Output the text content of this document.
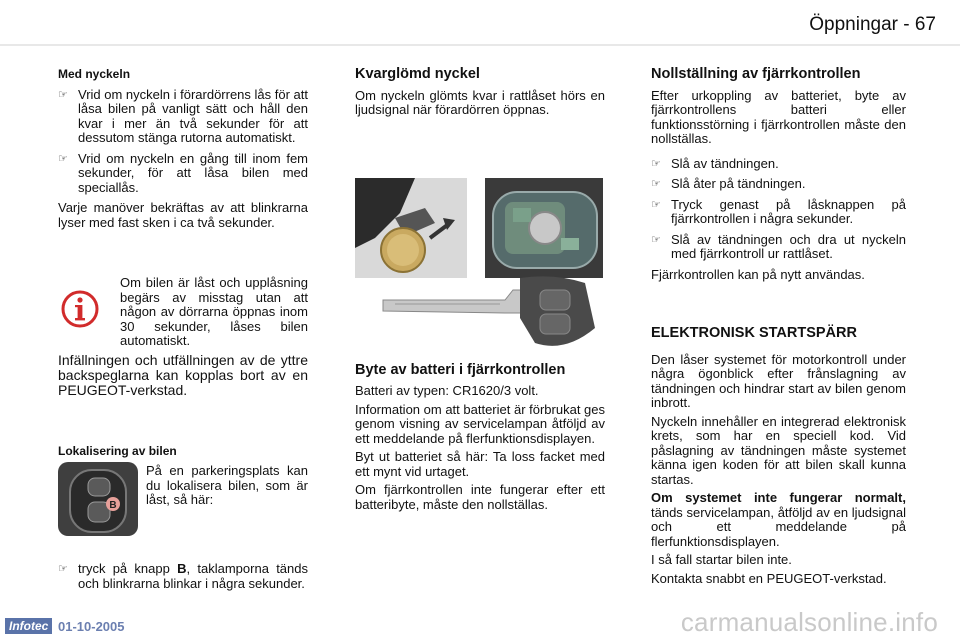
Öppningar - 67
Med nyckeln
☞ Vrid om nyckeln i förardörrens lås för att låsa bilen på vanligt sätt och håll den kvar i mer än två sekunder för att dessutom stänga rutorna automatiskt.
☞ Vrid om nyckeln en gång till inom fem sekunder, för att låsa bilen med speciallås.

Varje manöver bekräftas av att blinkrarna lyser med fast sken i ca två sekunder.

Om bilen är låst och upplåsning begärs av misstag utan att någon av dörrarna öppnas inom 30 sekunder, låses bilen automatiskt.

Infällningen och utfällningen av de yttre backspeglarna kan kopplas bort av en PEUGEOT-verkstad.

Lokalisering av bilen
B
På en parkeringsplats kan du lokalisera bilen, som är låst, så här:
☞ tryck på knapp B, taklamporna tänds och blinkrarna blinkar i några sekunder.
Kvarglömd nyckel

Om nyckeln glömts kvar i rattlåset hörs en ljudsignal när förardörren öppnas.

Byte av batteri i fjärrkontrollen

Batteri av typen: CR1620/3 volt.

Information om att batteriet är förbrukat ges genom visning av servicelampan åtföljd av ett meddelande på flerfunktionsdisplayen.

Byt ut batteriet så här: Ta loss facket med ett mynt vid urtaget.

Om fjärrkontrollen inte fungerar efter ett batteribyte, måste den nollställas.

Nollställning av fjärrkontrollen

Efter urkoppling av batteriet, byte av fjärrkontrollens batteri eller funktionsstörning i fjärrkontrollen måste den nollställas.

☞ Slå av tändningen.
☞ Slå åter på tändningen.
☞ Tryck genast på låsknappen på fjärrkontrollen i några sekunder.
☞ Slå av tändningen och dra ut nyckeln med fjärrkontroll ur rattlåset.

Fjärrkontrollen kan på nytt användas.

ELEKTRONISK STARTSPÄRR

Den låser systemet för motorkontroll under några ögonblick efter frånslagning av tändningen och hindrar start av bilen genom inbrott.

Nyckeln innehåller en integrerad elektronisk krets, som har en speciell kod. Vid påslagning av tändningen måste systemet känna igen koden för att bilen skall kunna startas.

Om systemet inte fungerar normalt, tänds servicelampan, åtföljd av en ljudsignal och ett meddelande på flerfunktionsdisplayen.

I så fall startar bilen inte.

Kontakta snabbt en PEUGEOT-verkstad.

Infotec 01-10-2005	carmanualsonline.info
